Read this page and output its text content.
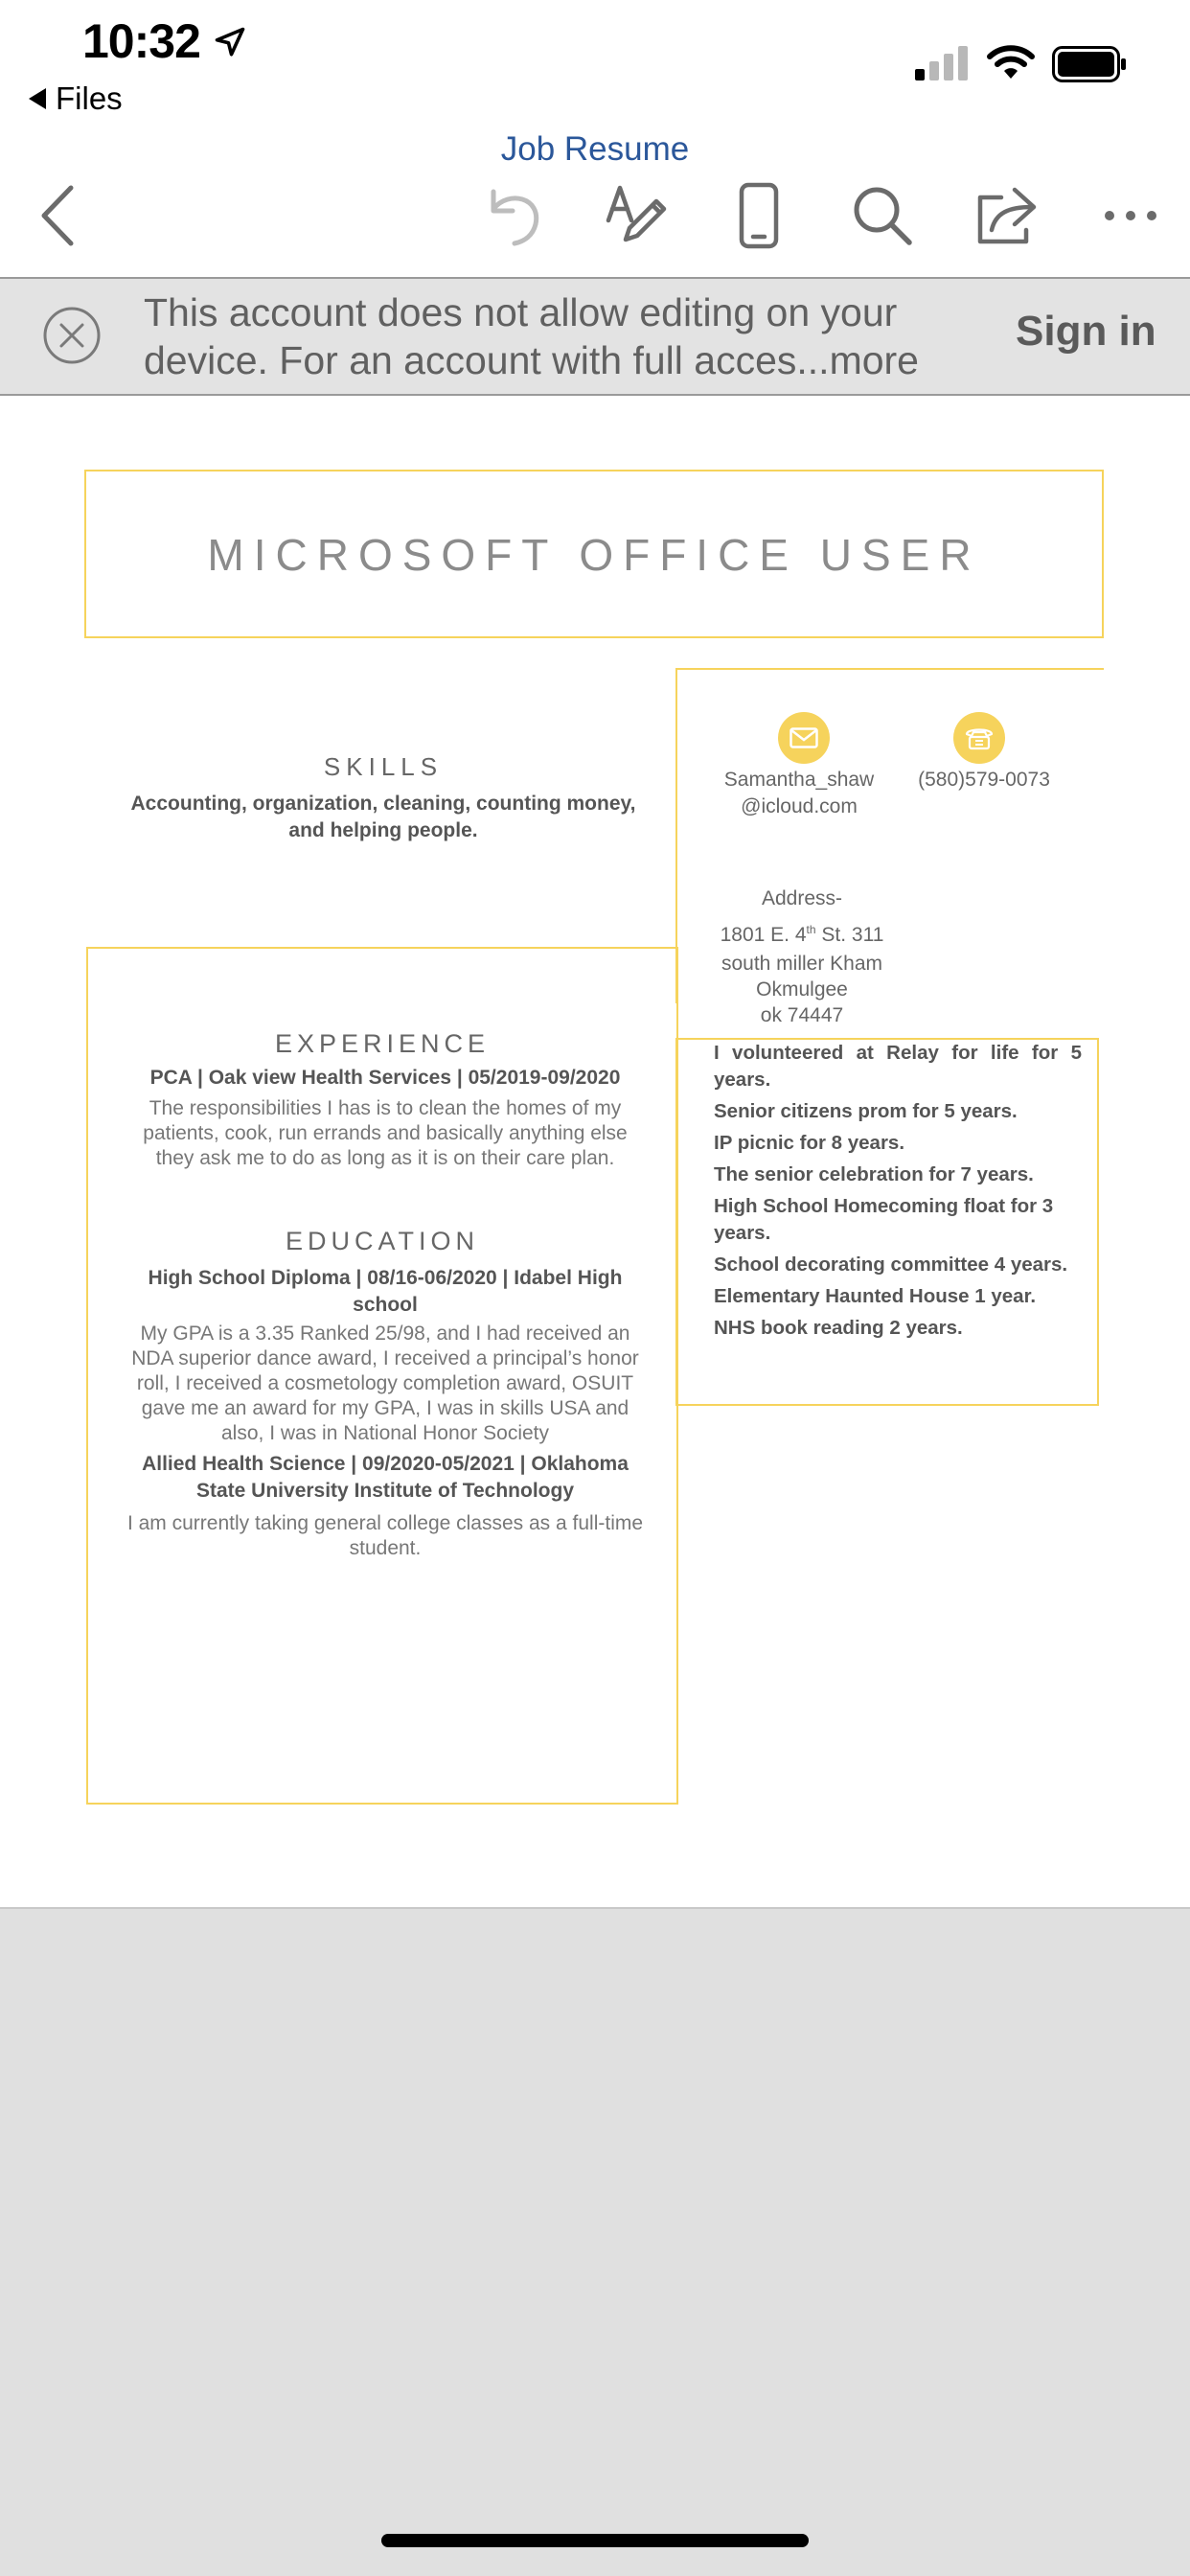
10:32
Files
Job Resume
This account does not allow editing on your
device. For an account with full acces...more
Sign in
MICROSOFT OFFICE USER
SKILLS
Accounting, organization, cleaning, counting money, and helping people.
Samantha_shaw
@icloud.com
(580)579-0073
Address-
1801 E. 4th St. 311
south miller Kham
Okmulgee
ok 74447
I volunteered at Relay for life for 5 years.
Senior citizens prom for 5 years.
IP picnic for 8 years.
The senior celebration for 7 years.
High School Homecoming float for 3 years.
School decorating committee 4 years.
Elementary Haunted House 1 year.
NHS book reading 2 years.
EXPERIENCE
PCA | Oak view Health Services | 05/2019-09/2020
The responsibilities I has is to clean the homes of my patients, cook, run errands and basically anything else they ask me to do as long as it is on their care plan.
EDUCATION
High School Diploma | 08/16-06/2020 | Idabel High school
My GPA is a 3.35 Ranked 25/98, and I had received an NDA superior dance award, I received a principal’s honor roll, I received a cosmetology completion award, OSUIT gave me an award for my GPA, I was in skills USA and also, I was in National Honor Society
Allied Health Science | 09/2020-05/2021 | Oklahoma State University Institute of Technology
I am currently taking general college classes as a full-time student.
